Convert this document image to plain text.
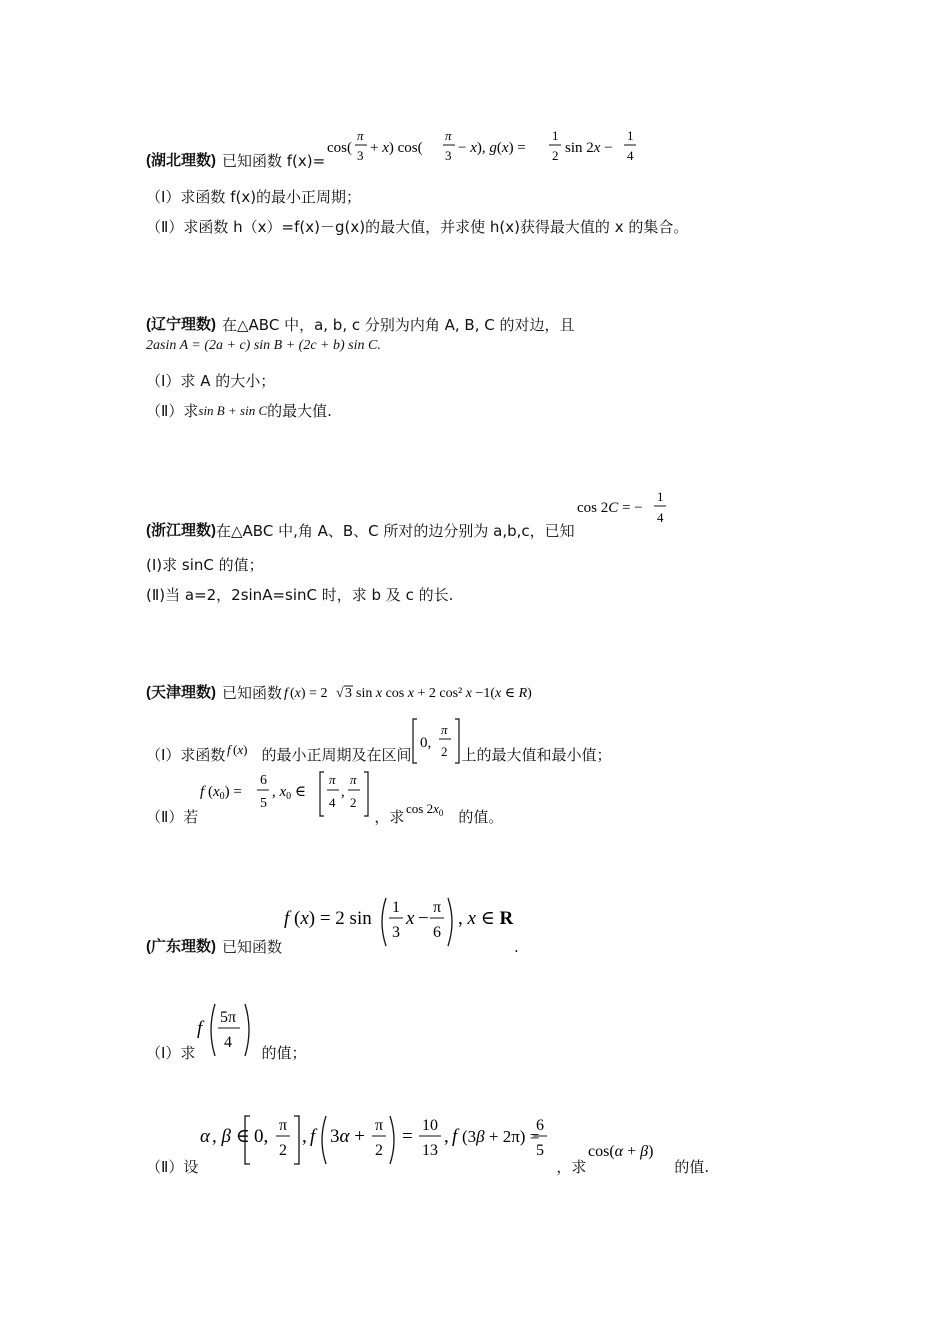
(湖北理数) 已知函数 f(x)=
cos(
π
3 + x) cos(
π
3 − x), g(x) =
1
2 sin 2x −
1
4
（Ⅰ）求函数 f(x)的最小正周期；
（Ⅱ）求函数 h（x）=f(x)－g(x)的最大值，并求使 h(x)获得最大值的 x 的集合。
(辽宁理数) 在△ABC 中，a, b, c 分别为内角 A, B, C 的对边，且
2asin A = (2a + c) sin B + (2c + b) sin C.
（Ⅰ）求 A 的大小；
（Ⅱ）求 sin B + sin C 的最大值.
(浙江理数) 在△ABC 中,角 A、B、C 所对的边分别为 a,b,c，已知
cos 2C = −
1
4
(Ⅰ)求 sinC 的值；
(Ⅱ)当 a=2，2sinA=sinC 时，求 b 及 c 的长.
(天津理数) 已知函数 f (x) = 2 √ 3 sin x cos x + 2 cos² x −1(x ∈ R)
（Ⅰ）求函数 f (x) 的最小正周期及在区间
0,
π
2 上的最大值和最小值；
（Ⅱ）若
f $(x_0)$ =
6
5
, $x_0$ ∈
π
4
,
π
2
，求 $\cos 2x_0$ 的值。
(广东理数) 已知函数
f (x) = 2 sin
1
3
x −
π
6
, x ∈ R
.
（Ⅰ）求
f
5π
4
的值；
（Ⅱ）设
α , β ∈ 0,
π
2
, f 3α +
π
2
=
10
13
, f (3β + 2π) =
6
5
，求
cos(α + β)
的值.
